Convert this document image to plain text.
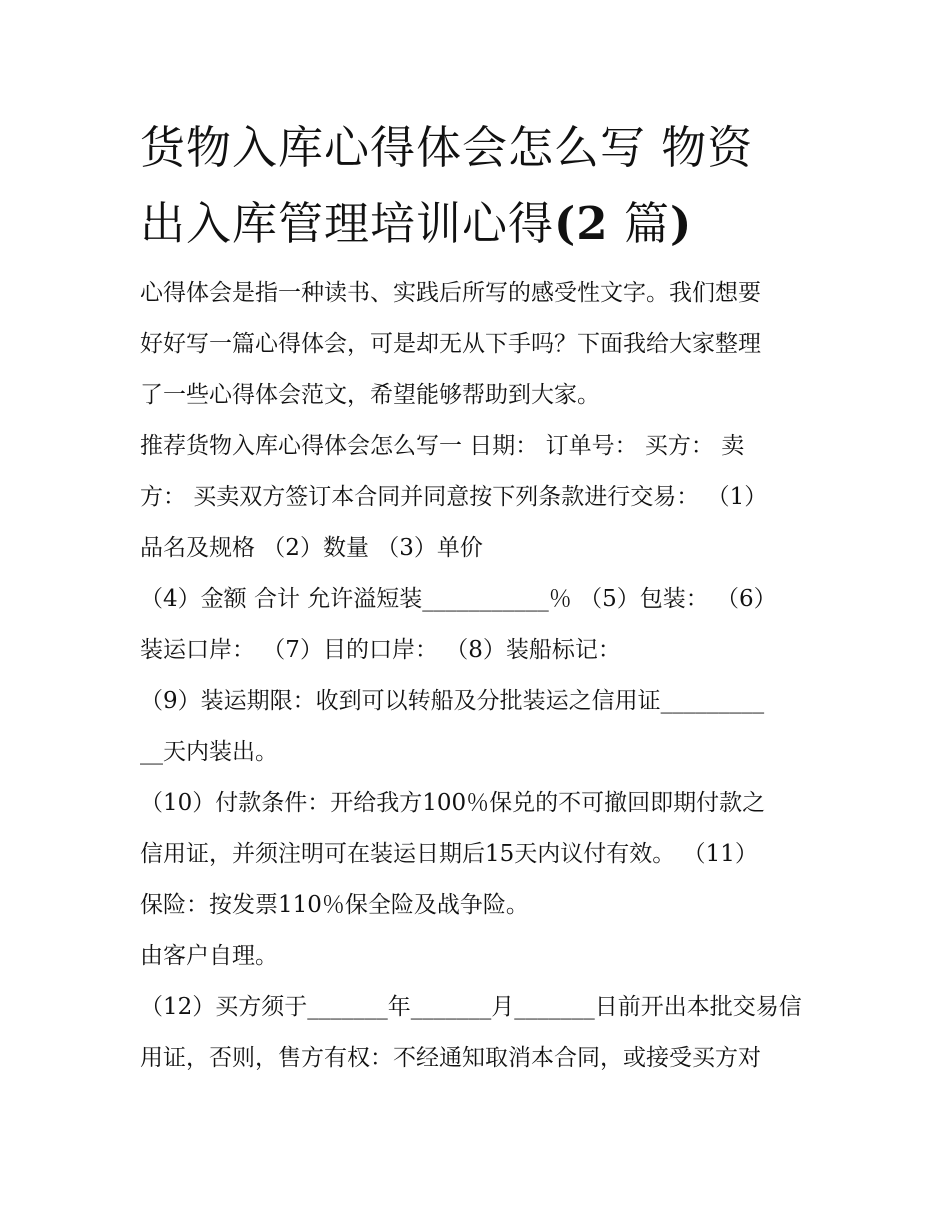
货物入库心得体会怎么写 物资
出入库管理培训心得(2 篇)
心得体会是指一种读书、实践后所写的感受性文字。我们想要
好好写一篇心得体会，可是却无从下手吗？下面我给大家整理
了一些心得体会范文，希望能够帮助到大家。
推荐货物入库心得体会怎么写一 日期： 订单号： 买方： 卖
方： 买卖双方签订本合同并同意按下列条款进行交易： （1）
品名及规格 （2）数量 （3）单价
（4）金额 合计 允许溢短装___________％ （5）包装： （6）
装运口岸： （7）目的口岸： （8）装船标记：
（9）装运期限：收到可以转船及分批装运之信用证_________
__天内装出。
（10）付款条件：开给我方100％保兑的不可撤回即期付款之
信用证，并须注明可在装运日期后15天内议付有效。 （11）
保险：按发票110％保全险及战争险。
由客户自理。
（12）买方须于_______年_______月_______日前开出本批交易信
用证，否则，售方有权：不经通知取消本合同，或接受买方对
